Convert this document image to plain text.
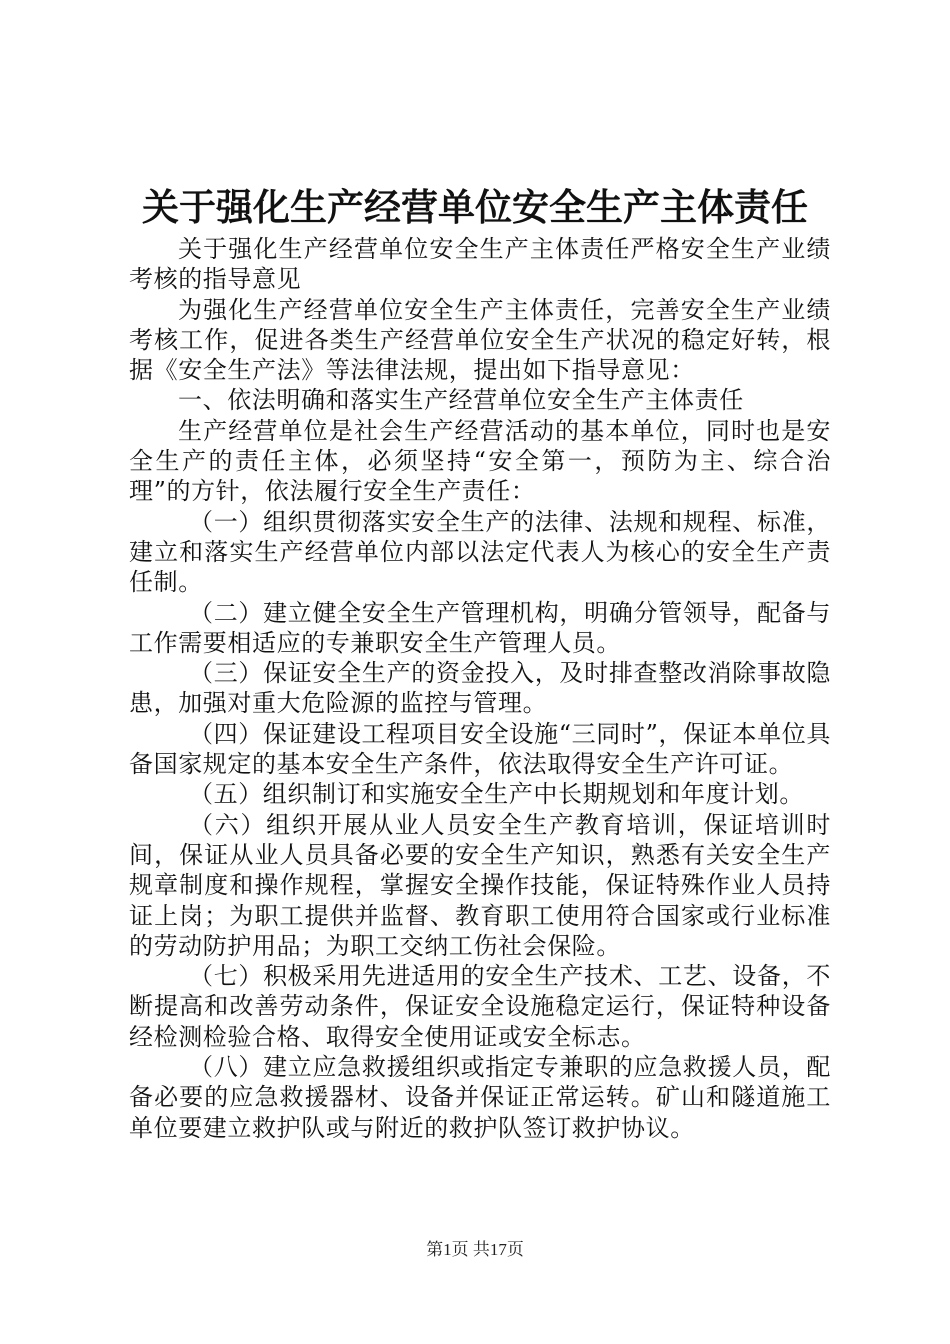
关于强化生产经营单位安全生产主体责任

关于强化生产经营单位安全生产主体责任严格安全生产业绩考核的指导意见

为强化生产经营单位安全生产主体责任，完善安全生产业绩考核工作，促进各类生产经营单位安全生产状况的稳定好转，根据《安全生产法》等法律法规，提出如下指导意见：

一、依法明确和落实生产经营单位安全生产主体责任

生产经营单位是社会生产经营活动的基本单位，同时也是安全生产的责任主体，必须坚持“安全第一，预防为主、综合治理”的方针，依法履行安全生产责任：

（一）组织贯彻落实安全生产的法律、法规和规程、标准，建立和落实生产经营单位内部以法定代表人为核心的安全生产责任制。

（二）建立健全安全生产管理机构，明确分管领导，配备与工作需要相适应的专兼职安全生产管理人员。

（三）保证安全生产的资金投入，及时排查整改消除事故隐患，加强对重大危险源的监控与管理。

（四）保证建设工程项目安全设施“三同时”，保证本单位具备国家规定的基本安全生产条件，依法取得安全生产许可证。

（五）组织制订和实施安全生产中长期规划和年度计划。

（六）组织开展从业人员安全生产教育培训，保证培训时间，保证从业人员具备必要的安全生产知识，熟悉有关安全生产规章制度和操作规程，掌握安全操作技能，保证特殊作业人员持证上岗；为职工提供并监督、教育职工使用符合国家或行业标准的劳动防护用品；为职工交纳工伤社会保险。

（七）积极采用先进适用的安全生产技术、工艺、设备，不断提高和改善劳动条件，保证安全设施稳定运行，保证特种设备经检测检验合格、取得安全使用证或安全标志。

（八）建立应急救援组织或指定专兼职的应急救援人员，配备必要的应急救援器材、设备并保证正常运转。矿山和隧道施工单位要建立救护队或与附近的救护队签订救护协议。

第1页 共17页
